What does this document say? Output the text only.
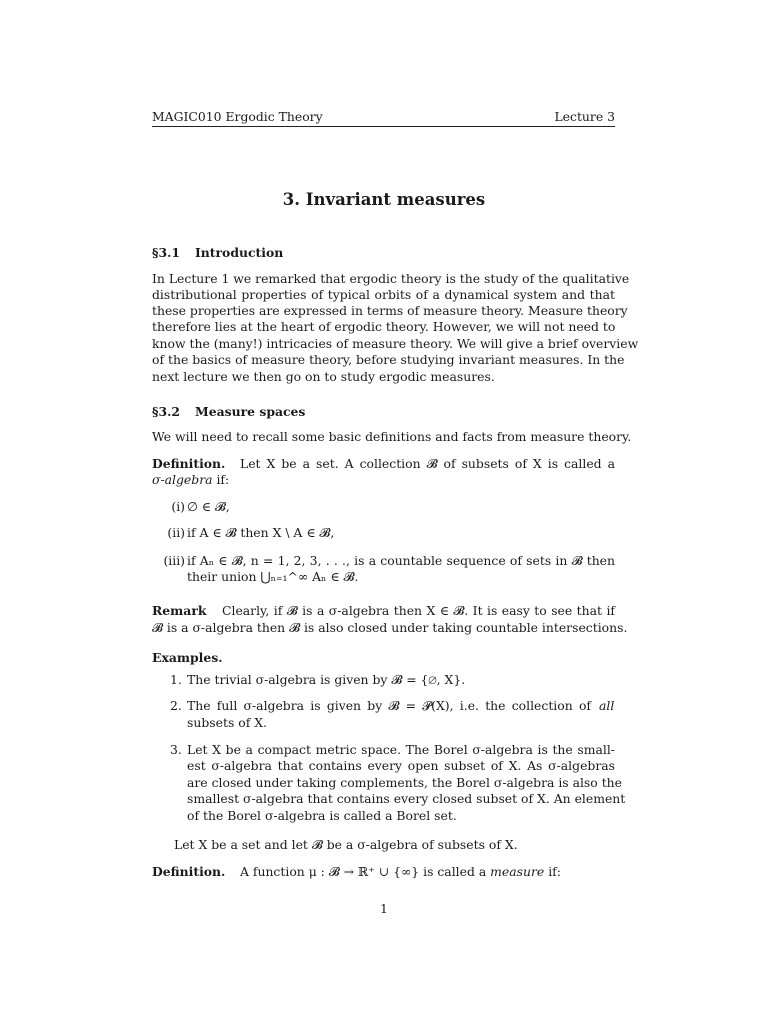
MAGIC010 Ergodic Theory	Lecture 3
3. Invariant measures
§3.1 Introduction
In Lecture 1 we remarked that ergodic theory is the study of the qualitative
distributional properties of typical orbits of a dynamical system and that
these properties are expressed in terms of measure theory. Measure theory
therefore lies at the heart of ergodic theory. However, we will not need to
know the (many!) intricacies of measure theory. We will give a brief overview
of the basics of measure theory, before studying invariant measures. In the
next lecture we then go on to study ergodic measures.
§3.2 Measure spaces
We will need to recall some basic definitions and facts from measure theory.
Definition. Let X be a set. A collection 𝓑 of subsets of X is called a
σ-algebra if:
(i) ∅ ∈ 𝓑,
(ii) if A ∈ 𝓑 then X \ A ∈ 𝓑,
(iii) if Aₙ ∈ 𝓑, n = 1, 2, 3, . . ., is a countable sequence of sets in 𝓑 then
their union ⋃ₙ₌₁^∞ Aₙ ∈ 𝓑.
Remark Clearly, if 𝓑 is a σ-algebra then X ∈ 𝓑. It is easy to see that if
𝓑 is a σ-algebra then 𝓑 is also closed under taking countable intersections.
Examples.
1. The trivial σ-algebra is given by 𝓑 = {∅, X}.
2. The full σ-algebra is given by 𝓑 = 𝓟(X), i.e. the collection of all
subsets of X.
3. Let X be a compact metric space. The Borel σ-algebra is the small-
est σ-algebra that contains every open subset of X. As σ-algebras
are closed under taking complements, the Borel σ-algebra is also the
smallest σ-algebra that contains every closed subset of X. An element
of the Borel σ-algebra is called a Borel set.
Let X be a set and let 𝓑 be a σ-algebra of subsets of X.
Definition. A function μ : 𝓑 → ℝ⁺ ∪ {∞} is called a measure if:
1
